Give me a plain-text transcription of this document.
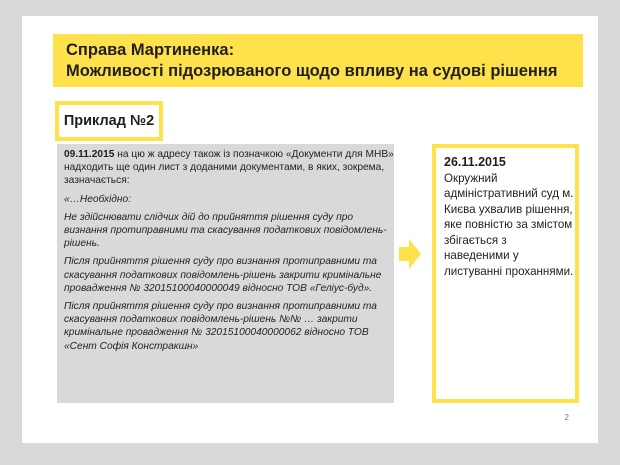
Справа Мартиненка:
Можливості підозрюваного щодо впливу на судові рішення
Приклад №2

09.11.2015 на цю ж адресу також із позначкою «Документи для МНВ» надходить ще один лист з доданими документами, в яких, зокрема, зазначається:

«…Необхідно:

Не здійснювати слідчих дій до прийняття рішення суду про визнання протиправними та скасування податкових повідомлень-рішень.

Після прийняття рішення суду про визнання протиправними та скасування податкових повідомлень-рішень закрити кримінальне провадження № 32015100040000049 відносно ТОВ «Геліус-буд».

Після прийняття рішення суду про визнання протиправними та скасування податкових повідомлень-рішень №№ … закрити кримінальне провадження № 32015100040000062 відносно ТОВ «Сент Софія Констракшн»

26.11.2015
Окружний адміністративний суд м. Києва ухвалив рішення, яке повністю за змістом збігається з наведеними у листуванні проханнями.
2
